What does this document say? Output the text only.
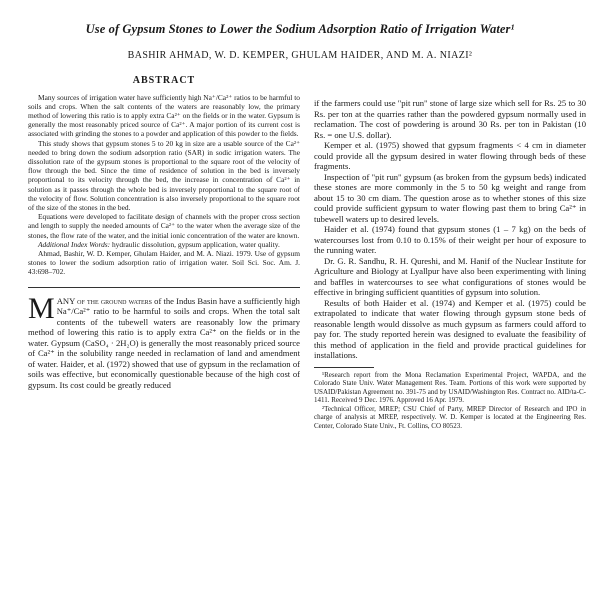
Use of Gypsum Stones to Lower the Sodium Adsorption Ratio of Irrigation Water¹
BASHIR AHMAD, W. D. KEMPER, GHULAM HAIDER, AND M. A. NIAZI²
ABSTRACT

Many sources of irrigation water have sufficiently high Na⁺/Ca²⁺ ratios to be harmful to soils and crops. When the salt contents of the waters are reasonably low, the primary method of lowering this ratio is to apply extra Ca²⁺ on the fields or in the water. Gypsum is generally the most reasonably priced source of Ca²⁺. A major portion of its current cost is associated with grinding the stones to a powder and application of this powder to the fields.

This study shows that gypsum stones 5 to 20 kg in size are a usable source of the Ca²⁺ needed to bring down the sodium adsorption ratio (SAR) in sodic irrigation waters. The dissolution rate of the gypsum stones is proportional to the square root of the velocity of flow through the bed. Since the time of residence of solution in the bed is inversely proportional to its velocity through the bed, the increase in concentration of Ca²⁺ in solution as it passes through the whole bed is inversely proportional to the square root of the velocity of flow. Solution concentration is also inversely proportional to the square root of the size of the stones in the bed.

Equations were developed to facilitate design of channels with the proper cross section and length to supply the needed amounts of Ca²⁺ to the water when the average size of the stones, the flow rate of the water, and the initial ionic concentration of the water are known.

Additional Index Words: hydraulic dissolution, gypsum application, water quality.

Ahmad, Bashir, W. D. Kemper, Ghulam Haider, and M. A. Niazi. 1979. Use of gypsum stones to lower the sodium adsorption ratio of irrigation water. Soil Sci. Soc. Am. J. 43:698–702.

MANY of the ground waters of the Indus Basin have a sufficiently high Na⁺/Ca²⁺ ratio to be harmful to soils and crops. When the total salt contents of the tubewell waters are reasonably low the primary method of lowering this ratio is to apply extra Ca²⁺ on the fields or in the water. Gypsum (CaSO₄ · 2H₂O) is generally the most reasonably priced source of Ca²⁺ in the solubility range needed in reclamation of land and amendment of water. Haider, et al. (1972) showed that use of gypsum in the reclamation of soils was effective, but economically questionable because of the high cost of gypsum. Its cost could be greatly reduced

if the farmers could use "pit run" stone of large size which sell for Rs. 25 to 30 Rs. per ton at the quarries rather than the powdered gypsum normally used in reclamation. The cost of powdering is around 30 Rs. per ton in Pakistan (10 Rs. = one U.S. dollar).

Kemper et al. (1975) showed that gypsum fragments < 4 cm in diameter could provide all the gypsum desired in water flowing through beds of these fragments.

Inspection of "pit run" gypsum (as broken from the gypsum beds) indicated these stones are more commonly in the 5 to 50 kg weight and range from about 15 to 30 cm diam. The question arose as to whether stones of this size could provide sufficient gypsum to water flowing past them to bring Ca²⁺ in tubewell waters up to desired levels.

Haider et al. (1974) found that gypsum stones (1 – 7 kg) on the beds of watercourses lost from 0.10 to 0.15% of their weight per hour of exposure to the running water.

Dr. G. R. Sandhu, R. H. Qureshi, and M. Hanif of the Nuclear Institute for Agriculture and Biology at Lyallpur have also been experimenting with lining and baffles in watercourses to see what configurations of stones would be effective in bringing sufficient quantities of gypsum into solution.

Results of both Haider et al. (1974) and Kemper et al. (1975) could be extrapolated to indicate that water flowing through gypsum stone beds of reasonable length would dissolve as much gypsum as farmers could afford to pay for. The study reported herein was designed to evaluate the feasibility of this method of application in the field and provide practical guidelines for installations.

¹Research report from the Mona Reclamation Experimental Project, WAPDA, and the Colorado State Univ. Water Management Res. Team. Portions of this work were supported by USAID/Pakistan Agreement no. 391-75 and by USAID/Washington Res. Contract no. AID/ta-C-1411. Received 9 Dec. 1976. Approved 16 Apr. 1979.

²Technical Officer, MREP; CSU Chief of Party, MREP Director of Research and IPO in charge of analysis at MREP, respectively. W. D. Kemper is located at the Engineering Res. Center, Colorado State Univ., Ft. Collins, CO 80523.
